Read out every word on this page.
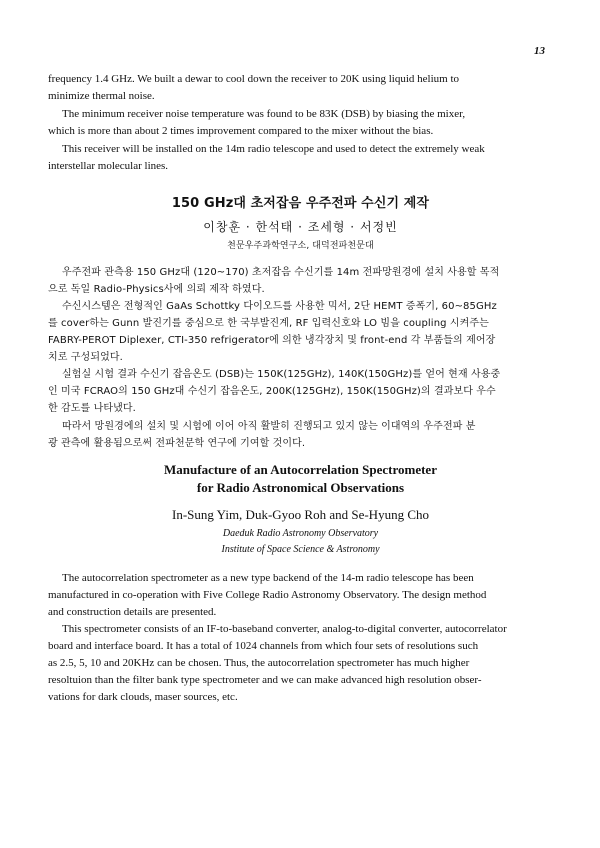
13
frequency 1.4 GHz. We built a dewar to cool down the receiver to 20K using liquid helium to
minimize thermal noise.
The minimum receiver noise temperature was found to be 83K (DSB) by biasing the mixer,
which is more than about 2 times improvement compared to the mixer without the bias.
This receiver will be installed on the 14m radio telescope and used to detect the extremely weak
interstellar molecular lines.
150 GHz대 초저잡음 우주전파 수신기 제작
이창훈 · 한석태 · 조세형 · 서정빈
천문우주과학연구소, 대덕전파천문대
우주전파 관측용 150 GHz대 (120~170) 초저잡음 수신기를 14m 전파망원경에 설치 사용할 목적
으로 독일 Radio-Physics사에 의뢰 제작 하였다.
수신시스템은 전형적인 GaAs Schottky 다이오드를 사용한 믹서, 2단 HEMT 증폭기, 60~85GHz
를 cover하는 Gunn 발진기를 중심으로 한 국부발진계, RF 입력신호와 LO 빔을 coupling 시켜주는
FABRY-PEROT Diplexer, CTI-350 refrigerator에 의한 냉각장치 및 front-end 각 부품들의 제어장
치로 구성되었다.
실험실 시험 결과 수신기 잡음온도 (DSB)는 150K(125GHz), 140K(150GHz)를 얻어 현재 사용중
인 미국 FCRAO의 150 GHz대 수신기 잡음온도, 200K(125GHz), 150K(150GHz)의 결과보다 우수
한 감도를 나타냈다.
따라서 망원경에의 설치 및 시험에 이어 아직 활발히 진행되고 있지 않는 이대역의 우주전파 분
광 관측에 활용됨으로써 전파천문학 연구에 기여할 것이다.
Manufacture of an Autocorrelation Spectrometer
for Radio Astronomical Observations
In-Sung Yim, Duk-Gyoo Roh and Se-Hyung Cho
Daeduk Radio Astronomy Observatory
Institute of Space Science & Astronomy
The autocorrelation spectrometer as a new type backend of the 14-m radio telescope has been
manufactured in co-operation with Five College Radio Astronomy Observatory. The design method
and construction details are presented.
This spectrometer consists of an IF-to-baseband converter, analog-to-digital converter, autocorrelator
board and interface board. It has a total of 1024 channels from which four sets of resolutions such
as 2.5, 5, 10 and 20KHz can be chosen. Thus, the autocorrelation spectrometer has much higher
resoltuion than the filter bank type spectrometer and we can make advanced high resolution obser-
vations for dark clouds, maser sources, etc.
